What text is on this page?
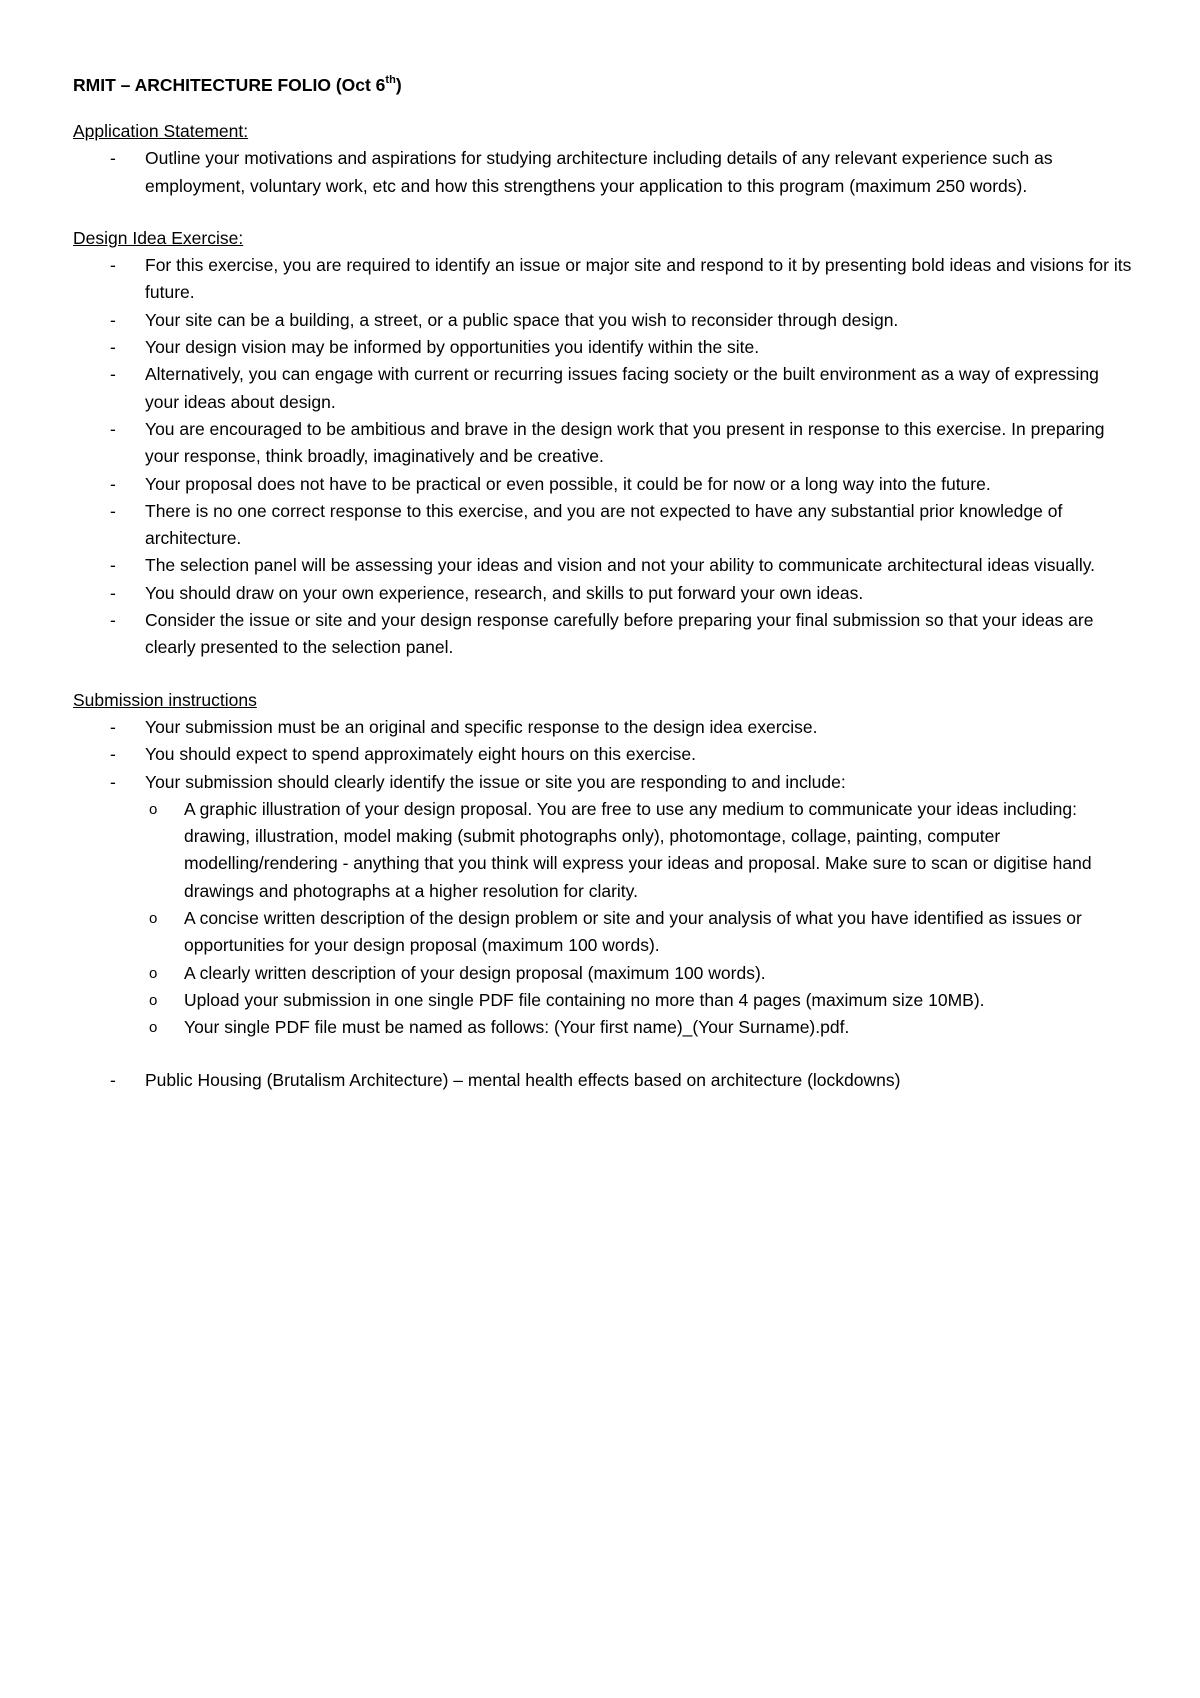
RMIT – ARCHITECTURE FOLIO (Oct 6th)

Application Statement:

- Outline your motivations and aspirations for studying architecture including details of any relevant experience such as employment, voluntary work, etc and how this strengthens your application to this program (maximum 250 words).

Design Idea Exercise:

- For this exercise, you are required to identify an issue or major site and respond to it by presenting bold ideas and visions for its future.
- Your site can be a building, a street, or a public space that you wish to reconsider through design.
- Your design vision may be informed by opportunities you identify within the site.
- Alternatively, you can engage with current or recurring issues facing society or the built environment as a way of expressing your ideas about design.
- You are encouraged to be ambitious and brave in the design work that you present in response to this exercise. In preparing your response, think broadly, imaginatively and be creative.
- Your proposal does not have to be practical or even possible, it could be for now or a long way into the future.
- There is no one correct response to this exercise, and you are not expected to have any substantial prior knowledge of architecture.
- The selection panel will be assessing your ideas and vision and not your ability to communicate architectural ideas visually.
- You should draw on your own experience, research, and skills to put forward your own ideas.
- Consider the issue or site and your design response carefully before preparing your final submission so that your ideas are clearly presented to the selection panel.

Submission instructions

- Your submission must be an original and specific response to the design idea exercise.
- You should expect to spend approximately eight hours on this exercise.
- Your submission should clearly identify the issue or site you are responding to and include:
o A graphic illustration of your design proposal. You are free to use any medium to communicate your ideas including: drawing, illustration, model making (submit photographs only), photomontage, collage, painting, computer modelling/rendering - anything that you think will express your ideas and proposal. Make sure to scan or digitise hand drawings and photographs at a higher resolution for clarity.
o A concise written description of the design problem or site and your analysis of what you have identified as issues or opportunities for your design proposal (maximum 100 words).
o A clearly written description of your design proposal (maximum 100 words).
o Upload your submission in one single PDF file containing no more than 4 pages (maximum size 10MB).
o Your single PDF file must be named as follows: (Your first name)_(Your Surname).pdf.
- Public Housing (Brutalism Architecture) – mental health effects based on architecture (lockdowns)
